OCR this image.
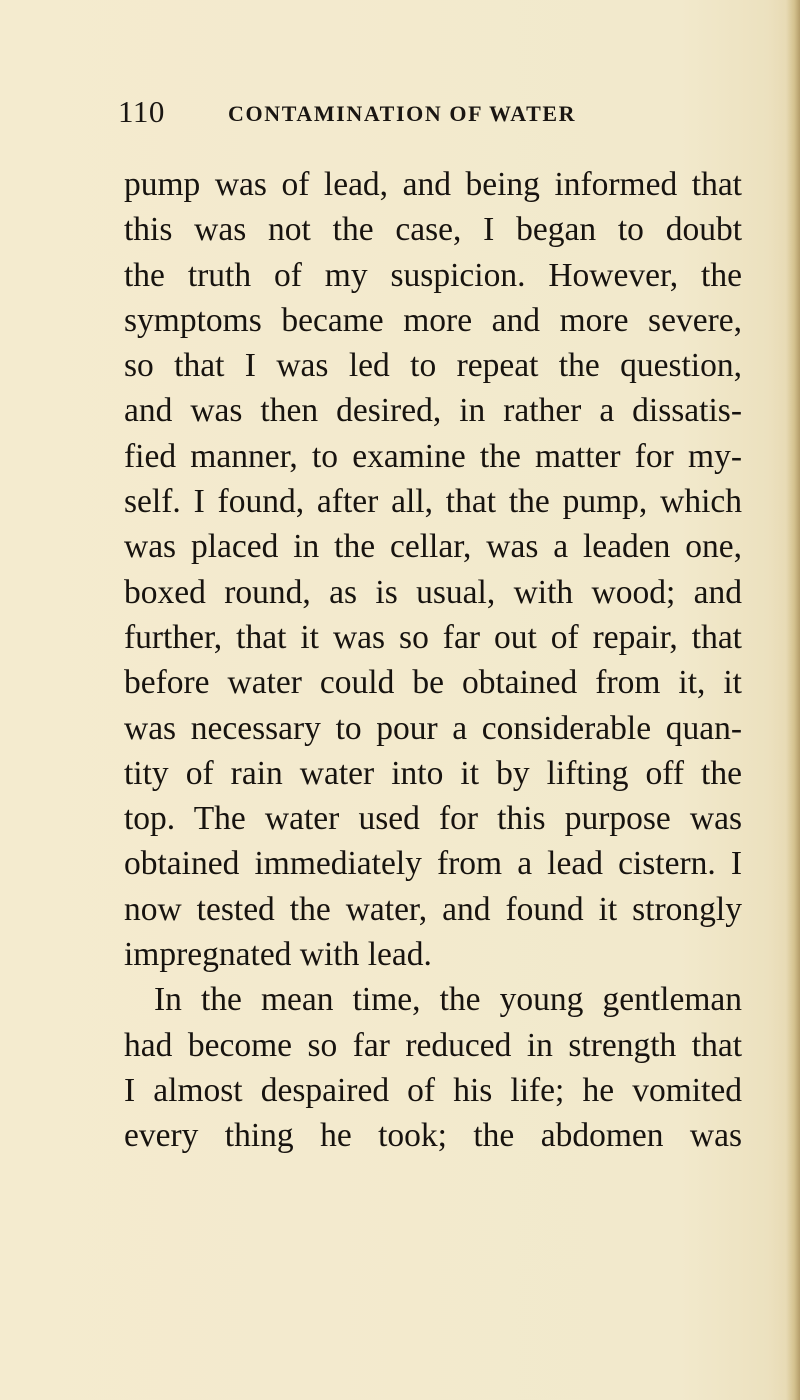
110	CONTAMINATION OF WATER
pump was of lead, and being informed that
this was not the case, I began to doubt
the truth of my suspicion. However, the
symptoms became more and more severe,
so that I was led to repeat the question,
and was then desired, in rather a dissatis-
fied manner, to examine the matter for my-
self. I found, after all, that the pump, which
was placed in the cellar, was a leaden one,
boxed round, as is usual, with wood; and
further, that it was so far out of repair, that
before water could be obtained from it, it
was necessary to pour a considerable quan-
tity of rain water into it by lifting off the
top. The water used for this purpose was
obtained immediately from a lead cistern. I
now tested the water, and found it strongly
impregnated with lead.
In the mean time, the young gentleman
had become so far reduced in strength that
I almost despaired of his life; he vomited
every thing he took; the abdomen was
